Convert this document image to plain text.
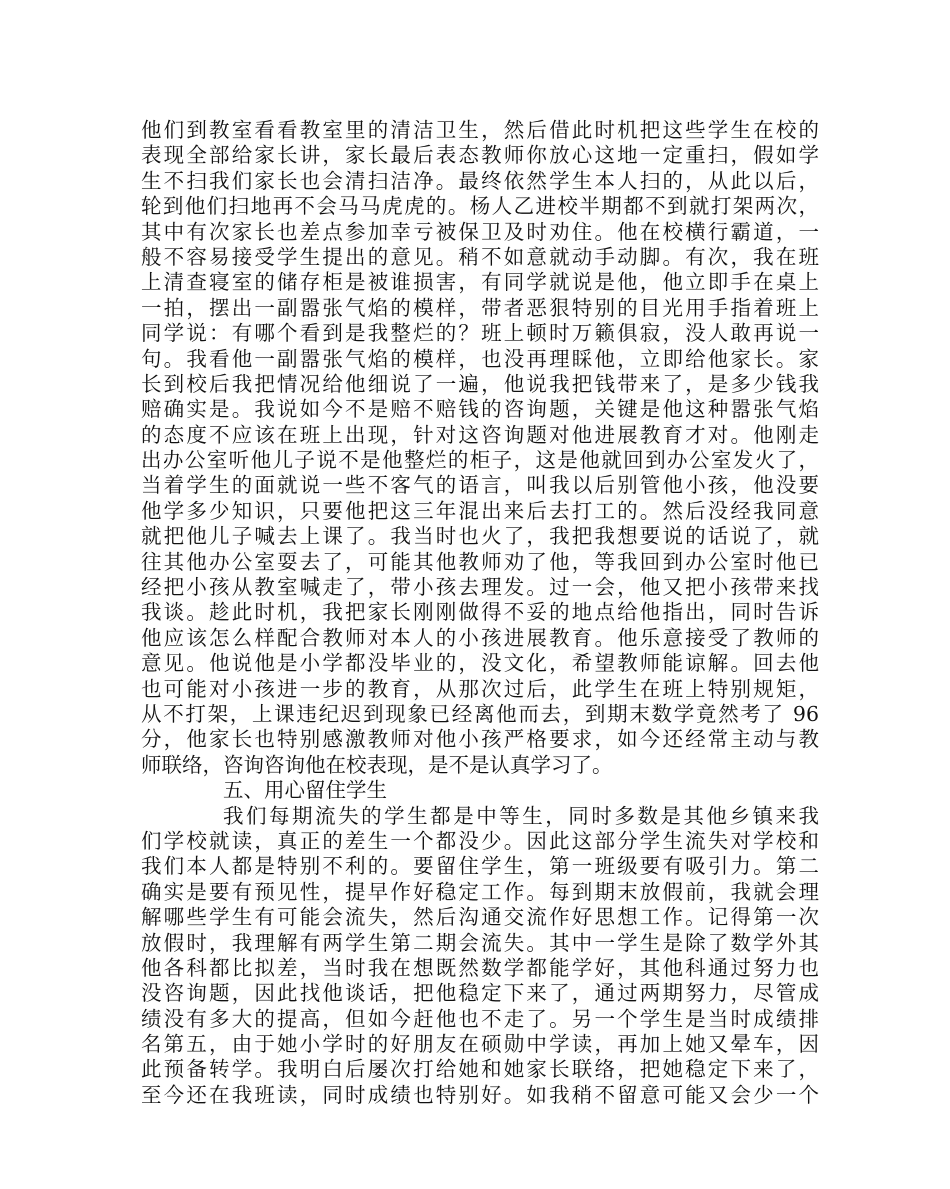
他们到教室看看教室里的清洁卫生，然后借此时机把这些学生在校的
表现全部给家长讲，家长最后表态教师你放心这地一定重扫，假如学
生不扫我们家长也会清扫洁净。最终依然学生本人扫的，从此以后，
轮到他们扫地再不会马马虎虎的。杨人乙进校半期都不到就打架两次，
其中有次家长也差点参加幸亏被保卫及时劝住。他在校横行霸道，一
般不容易接受学生提出的意见。稍不如意就动手动脚。有次，我在班
上清查寝室的储存柜是被谁损害，有同学就说是他，他立即手在桌上
一拍，摆出一副嚣张气焰的模样，带者恶狠特别的目光用手指着班上
同学说：有哪个看到是我整烂的？班上顿时万籁俱寂，没人敢再说一
句。我看他一副嚣张气焰的模样，也没再理睬他，立即给他家长。家
长到校后我把情况给他细说了一遍，他说我把钱带来了，是多少钱我
赔确实是。我说如今不是赔不赔钱的咨询题，关键是他这种嚣张气焰
的态度不应该在班上出现，针对这咨询题对他进展教育才对。他刚走
出办公室听他儿子说不是他整烂的柜子，这是他就回到办公室发火了，
当着学生的面就说一些不客气的语言，叫我以后别管他小孩，他没要
他学多少知识，只要他把这三年混出来后去打工的。然后没经我同意
就把他儿子喊去上课了。我当时也火了，我把我想要说的话说了，就
往其他办公室耍去了，可能其他教师劝了他，等我回到办公室时他已
经把小孩从教室喊走了，带小孩去理发。过一会，他又把小孩带来找
我谈。趁此时机，我把家长刚刚做得不妥的地点给他指出，同时告诉
他应该怎么样配合教师对本人的小孩进展教育。他乐意接受了教师的
意见。他说他是小学都没毕业的，没文化，希望教师能谅解。回去他
也可能对小孩进一步的教育，从那次过后，此学生在班上特别规矩，
从不打架，上课违纪迟到现象已经离他而去，到期末数学竟然考了 96
分，他家长也特别感激教师对他小孩严格要求，如今还经常主动与教
师联络，咨询咨询他在校表现，是不是认真学习了。
五、用心留住学生
我们每期流失的学生都是中等生，同时多数是其他乡镇来我
们学校就读，真正的差生一个都没少。因此这部分学生流失对学校和
我们本人都是特别不利的。要留住学生，第一班级要有吸引力。第二
确实是要有预见性，提早作好稳定工作。每到期末放假前，我就会理
解哪些学生有可能会流失，然后沟通交流作好思想工作。记得第一次
放假时，我理解有两学生第二期会流失。其中一学生是除了数学外其
他各科都比拟差，当时我在想既然数学都能学好，其他科通过努力也
没咨询题，因此找他谈话，把他稳定下来了，通过两期努力，尽管成
绩没有多大的提高，但如今赶他也不走了。另一个学生是当时成绩排
名第五，由于她小学时的好朋友在硕勋中学读，再加上她又晕车，因
此预备转学。我明白后屡次打给她和她家长联络，把她稳定下来了，
至今还在我班读，同时成绩也特别好。如我稍不留意可能又会少一个
